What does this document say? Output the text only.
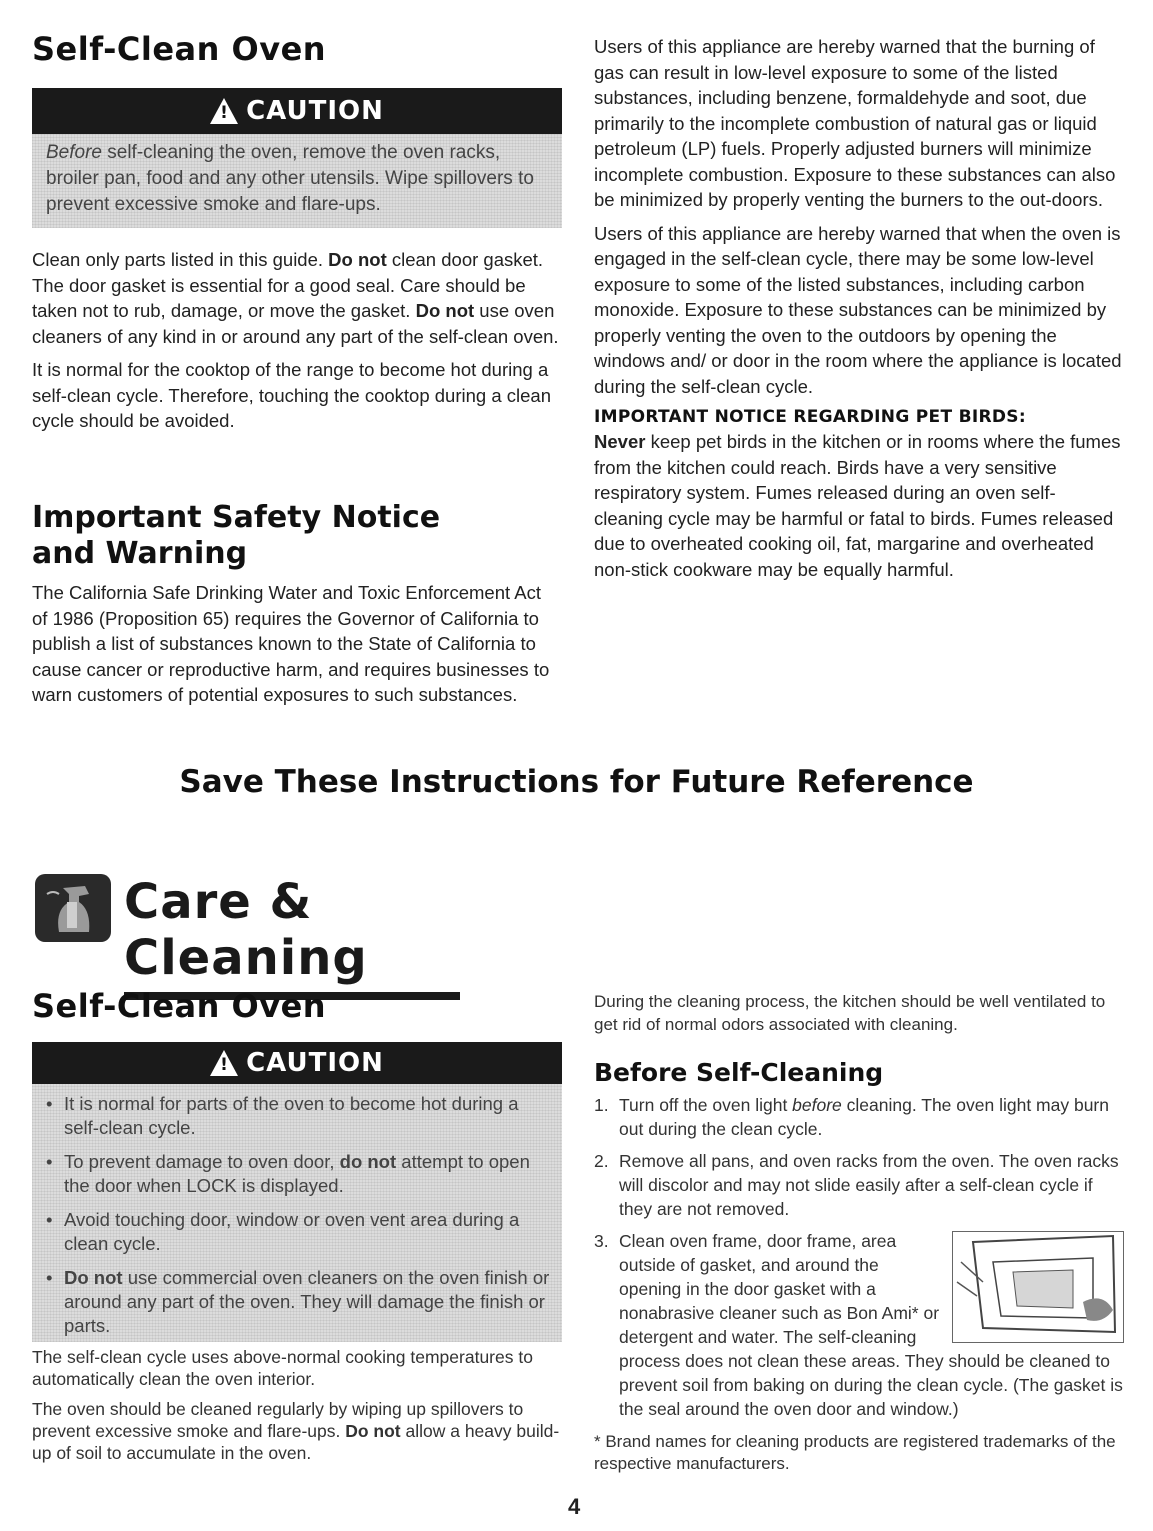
Self-Clean Oven
! CAUTION
Before self-cleaning the oven, remove the oven racks, broiler pan, food and any other utensils. Wipe spillovers to prevent excessive smoke and flare-ups.

Clean only parts listed in this guide. Do not clean door gasket. The door gasket is essential for a good seal. Care should be taken not to rub, damage, or move the gasket. Do not use oven cleaners of any kind in or around any part of the self-clean oven.

It is normal for the cooktop of the range to become hot during a self-clean cycle. Therefore, touching the cooktop during a clean cycle should be avoided.

Important Safety Notice
and Warning

The California Safe Drinking Water and Toxic Enforcement Act of 1986 (Proposition 65) requires the Governor of California to publish a list of substances known to the State of California to cause cancer or reproductive harm, and requires businesses to warn customers of potential exposures to such substances.

Users of this appliance are hereby warned that the burning of gas can result in low-level exposure to some of the listed substances, including benzene, formaldehyde and soot, due primarily to the incomplete combustion of natural gas or liquid petroleum (LP) fuels. Properly adjusted burners will minimize incomplete combustion. Exposure to these substances can also be minimized by properly venting the burners to the out-doors.

Users of this appliance are hereby warned that when the oven is engaged in the self-clean cycle, there may be some low-level exposure to some of the listed substances, including carbon monoxide. Exposure to these substances can be minimized by properly venting the oven to the outdoors by opening the windows and/ or door in the room where the appliance is located during the self-clean cycle.

IMPORTANT NOTICE REGARDING PET BIRDS:

Never keep pet birds in the kitchen or in rooms where the fumes from the kitchen could reach. Birds have a very sensitive respiratory system. Fumes released during an oven self-cleaning cycle may be harmful or fatal to birds. Fumes released due to overheated cooking oil, fat, margarine and overheated non-stick cookware may be equally harmful.

Save These Instructions for Future Reference
Care & Cleaning
Self-Clean Oven
! CAUTION
• It is normal for parts of the oven to become hot during a self-clean cycle.
• To prevent damage to oven door, do not attempt to open the door when LOCK is displayed.
• Avoid touching door, window or oven vent area during a clean cycle.
• Do not use commercial oven cleaners on the oven finish or around any part of the oven. They will damage the finish or parts.

The self-clean cycle uses above-normal cooking temperatures to automatically clean the oven interior.

The oven should be cleaned regularly by wiping up spillovers to prevent excessive smoke and flare-ups. Do not allow a heavy build-up of soil to accumulate in the oven.

During the cleaning process, the kitchen should be well ventilated to get rid of normal odors associated with cleaning.

Before Self-Cleaning
1. Turn off the oven light before cleaning. The oven light may burn out during the clean cycle.
2. Remove all pans, and oven racks from the oven. The oven racks will discolor and may not slide easily after a self-clean cycle if they are not removed.
3. Clean oven frame, door frame, area outside of gasket, and around the opening in the door gasket with a nonabrasive cleaner such as Bon Ami* or detergent and water. The self-cleaning process does not clean these areas. They should be cleaned to prevent soil from baking on during the clean cycle. (The gasket is the seal around the oven door and window.)

* Brand names for cleaning products are registered trademarks of the respective manufacturers.

4
